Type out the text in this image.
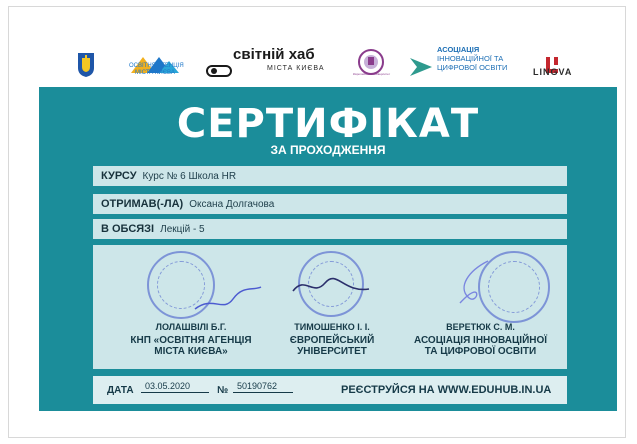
ОСВІТНЯ АГЕНЦІЯ
МІСТА КИЄВА
світній хаб
МІСТА КИЄВА
Європейський Університет
АСОЦІАЦІЯ
ІННОВАЦІЙНОЇ ТА
ЦИФРОВОЇ ОСВІТИ	LINGVA
СЕРТИФІКАТ
ЗА ПРОХОДЖЕННЯ
КУРСУ Курс № 6 Школа HR
ОТРИМАВ(-ЛА) Оксана Долгачова
В ОБСЯЗІ Лекцій - 5
ЛОЛАШВІЛІ Б.Г.
КНП «ОСВІТНЯ АГЕНЦІЯ
МІСТА КИЄВА»
ТИМОШЕНКО І. І.
ЄВРОПЕЙСЬКИЙ
УНІВЕРСИТЕТ
ВЕРЕТЮК С. М.
АСОЦІАЦІЯ ІННОВАЦІЙНОЇ
ТА ЦИФРОВОЇ ОСВІТИ
ДАТА	03.05.2020	№ 50190762	РЕЄСТРУЙСЯ НА WWW.EDUHUB.IN.UA
